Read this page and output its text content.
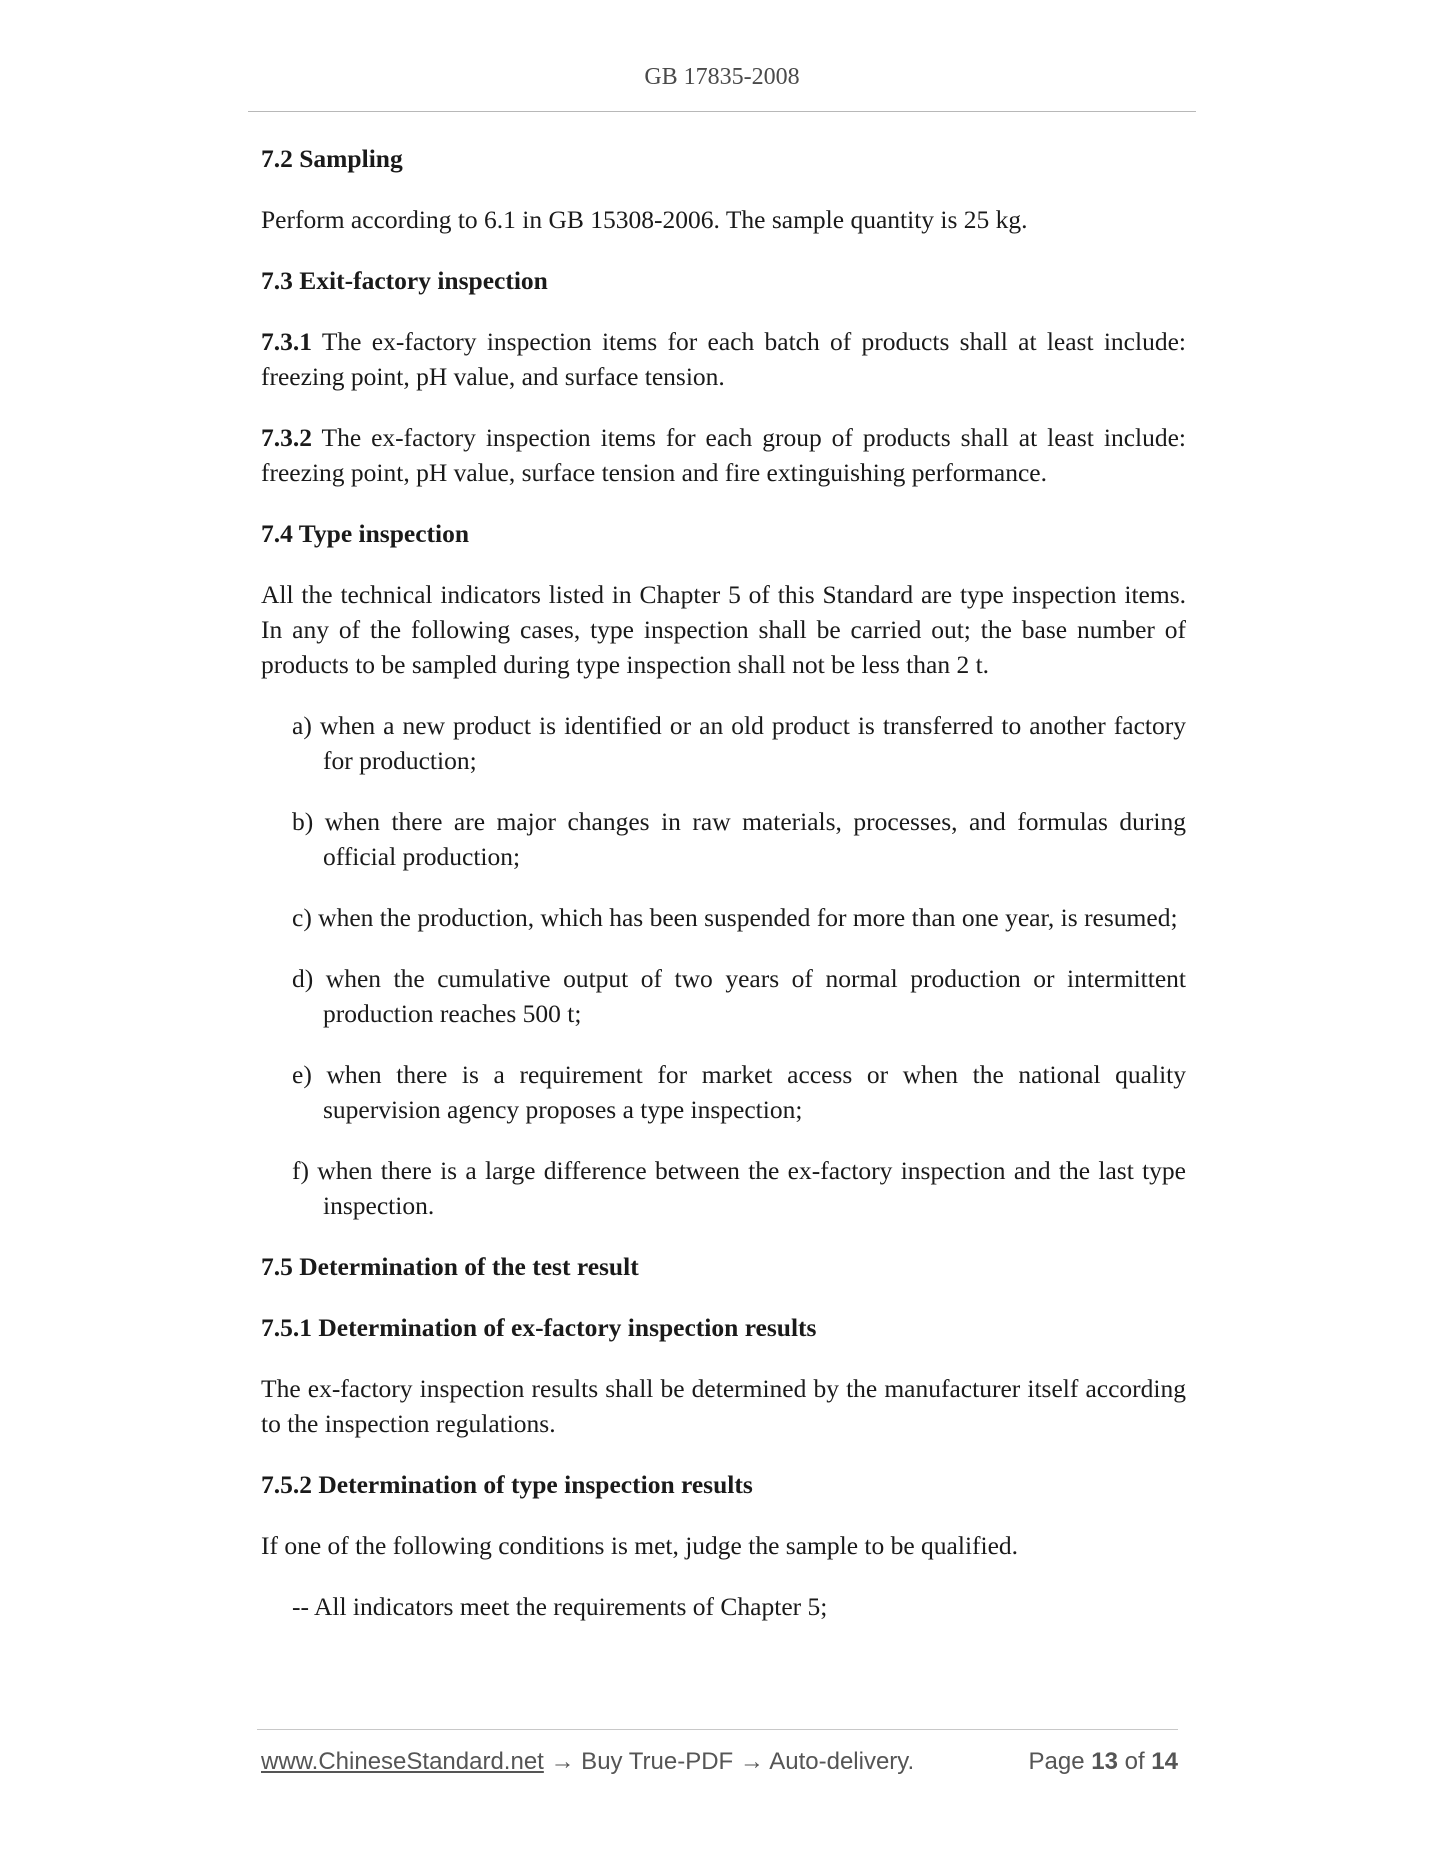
GB 17835-2008
7.2 Sampling
Perform according to 6.1 in GB 15308-2006. The sample quantity is 25 kg.
7.3 Exit-factory inspection
7.3.1 The ex-factory inspection items for each batch of products shall at least include: freezing point, pH value, and surface tension.
7.3.2 The ex-factory inspection items for each group of products shall at least include: freezing point, pH value, surface tension and fire extinguishing performance.
7.4 Type inspection
All the technical indicators listed in Chapter 5 of this Standard are type inspection items. In any of the following cases, type inspection shall be carried out; the base number of products to be sampled during type inspection shall not be less than 2 t.
a) when a new product is identified or an old product is transferred to another factory for production;
b) when there are major changes in raw materials, processes, and formulas during official production;
c) when the production, which has been suspended for more than one year, is resumed;
d) when the cumulative output of two years of normal production or intermittent production reaches 500 t;
e) when there is a requirement for market access or when the national quality supervision agency proposes a type inspection;
f) when there is a large difference between the ex-factory inspection and the last type inspection.
7.5 Determination of the test result
7.5.1 Determination of ex-factory inspection results
The ex-factory inspection results shall be determined by the manufacturer itself according to the inspection regulations.
7.5.2 Determination of type inspection results
If one of the following conditions is met, judge the sample to be qualified.
-- All indicators meet the requirements of Chapter 5;
www.ChineseStandard.net → Buy True-PDF → Auto-delivery.	Page 13 of 14
